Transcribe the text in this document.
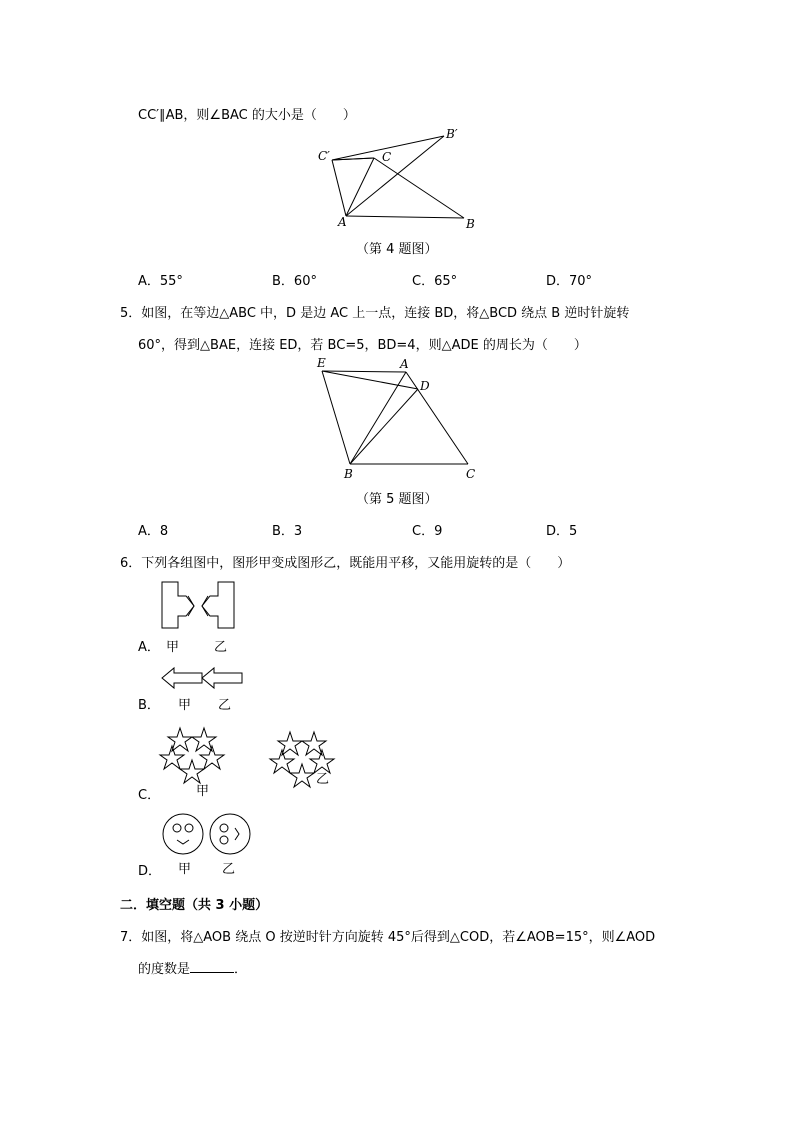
CC′∥AB，则∠BAC 的大小是（　　）
C′	C
B′
A	B
（第 4 题图）
A．55°	B．60°	C．65°	D．70°
5．如图，在等边△ABC 中，D 是边 AC 上一点，连接 BD，将△BCD 绕点 B 逆时针旋转
60°，得到△BAE，连接 ED，若 BC=5，BD=4，则△ADE 的周长为（　　）
E	A
D
B	C
（第 5 题图）
A．8	B．3	C．9	D．5
6．下列各组图中，图形甲变成图形乙，既能用平移，又能用旋转的是（　　）
A． 甲	乙
B． 甲 乙
C．	甲
乙
D． 甲 乙
二．填空题（共 3 小题）
7．如图，将△AOB 绕点 O 按逆时针方向旋转 45°后得到△COD，若∠AOB=15°，则∠AOD
的度数是	．
